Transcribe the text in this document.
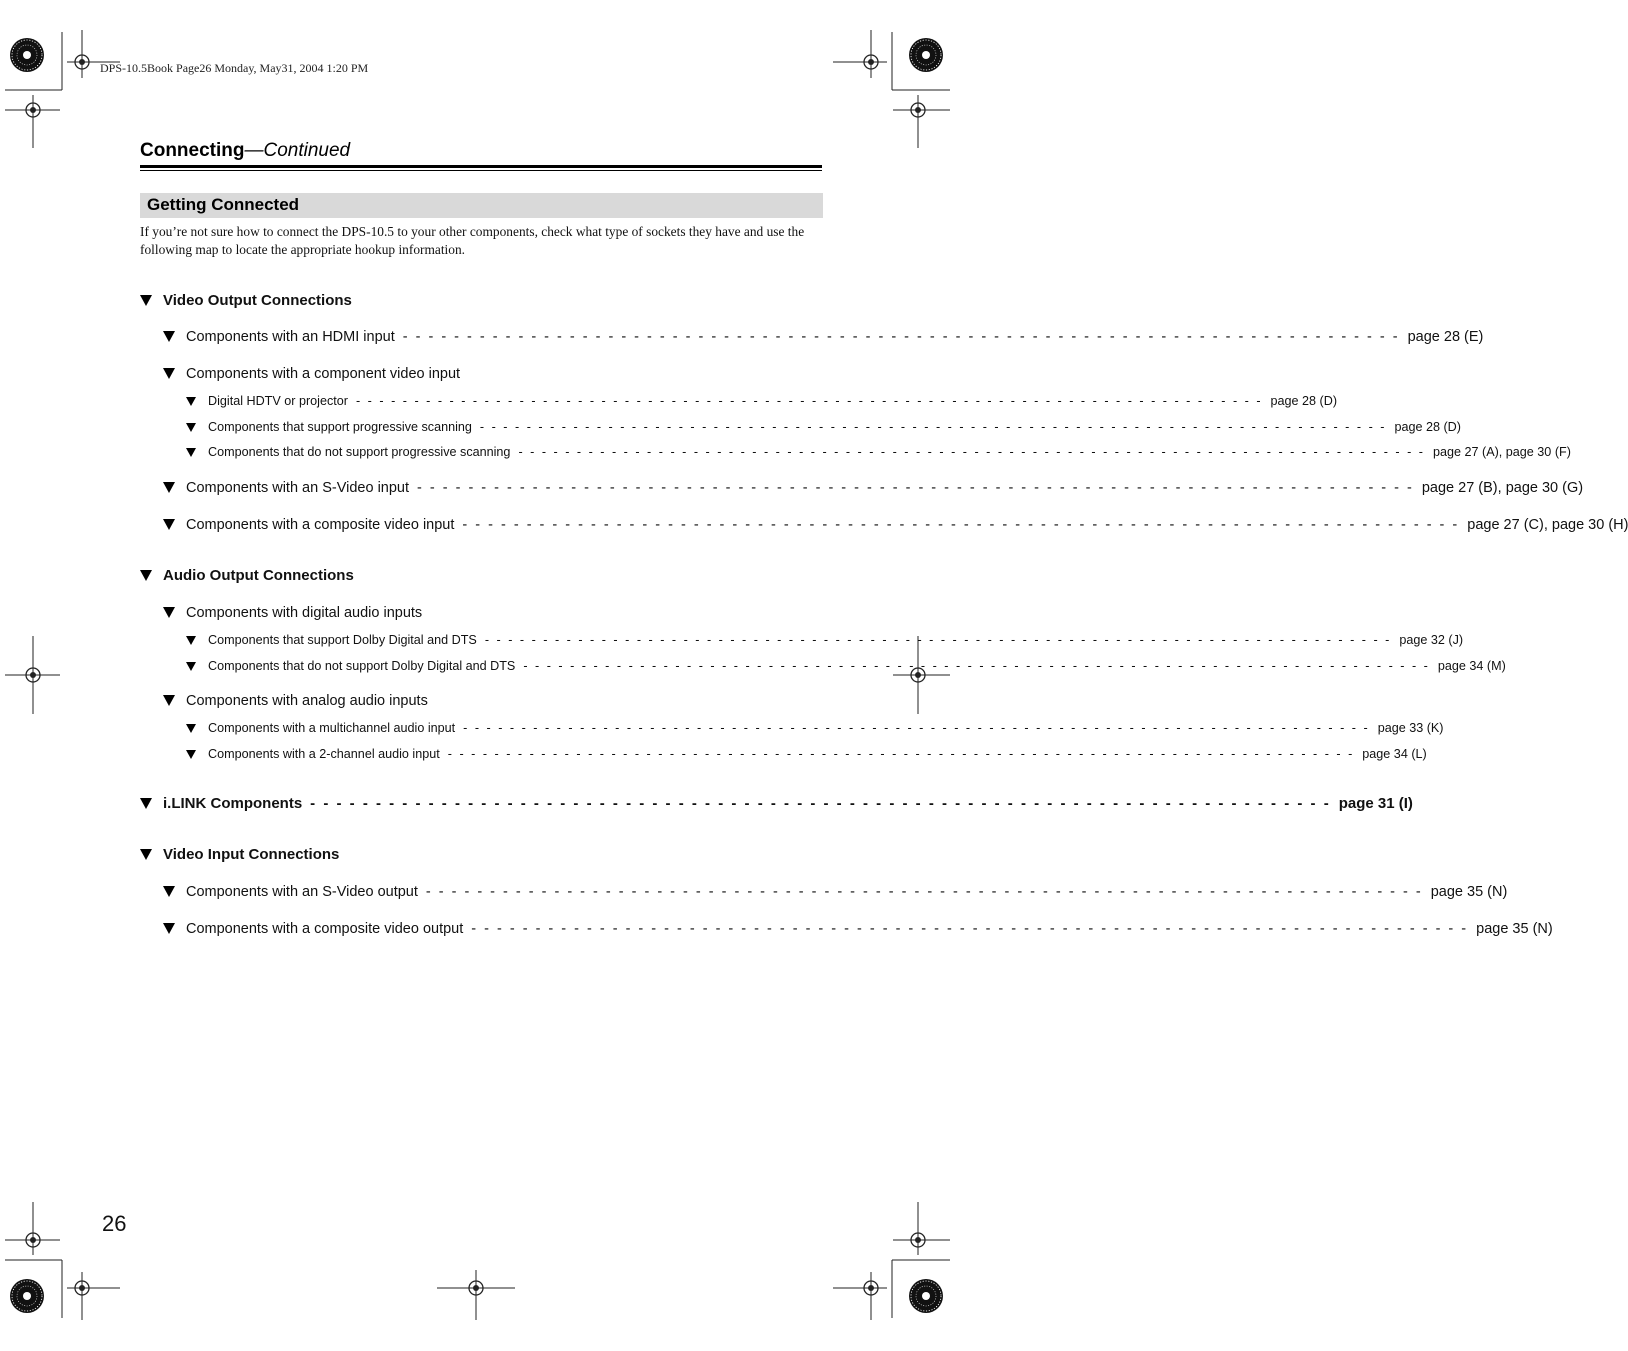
DPS-10.5Book Page26 Monday, May31, 2004 1:20 PM
Connecting—Continued
Getting Connected
If you’re not sure how to connect the DPS-10.5 to your other components, check what type of sockets they have and use the following map to locate the appropriate hookup information.
Video Output Connections
Components with an HDMI input - - - - - - - - - - - - - - - - - - - - - - - - - - - - - - - - - - - - - - - - - - - - - - - - - - - - - - - - - - - - - - - - - - - - - - - - - - - - - - page 28 (E)
Components with a component video input
Digital HDTV or projector - - - - - - - - - - - - - - - - - - - - - - - - - - - - - - - - - - - - - - - - - - - - - - - - - - - - - - - - - - - - - - - - - - - - - - - - - - - - - - page 28 (D)
Components that support progressive scanning - - - - - - - - - - - - - - - - - - - - - - - - - - - - - - - - - - - - - - - - - - - - - - - - - - - - - - - - - - - - - - - - - - - - - - - - - - - - - - page 28 (D)
Components that do not support progressive scanning - - - - - - - - - - - - - - - - - - - - - - - - - - - - - - - - - - - - - - - - - - - - - - - - - - - - - - - - - - - - - - - - - - - - - - - - - - - - - - page 27 (A), page 30 (F)
Components with an S-Video input - - - - - - - - - - - - - - - - - - - - - - - - - - - - - - - - - - - - - - - - - - - - - - - - - - - - - - - - - - - - - - - - - - - - - - - - - - - - - - page 27 (B), page 30 (G)
Components with a composite video input - - - - - - - - - - - - - - - - - - - - - - - - - - - - - - - - - - - - - - - - - - - - - - - - - - - - - - - - - - - - - - - - - - - - - - - - - - - - - - page 27 (C), page 30 (H)
Audio Output Connections
Components with digital audio inputs
Components that support Dolby Digital and DTS - - - - - - - - - - - - - - - - - - - - - - - - - - - - - - - - - - - - - - - - - - - - - - - - - - - - - - - - - - - - - - - - - - - - - - - - - - - - - - page 32 (J)
Components that do not support Dolby Digital and DTS - - - - - - - - - - - - - - - - - - - - - - - - - - - - - - - - - - - - - - - - - - - - - - - - - - - - - - - - - - - - - - - - - - - - - - - - - - - - - - page 34 (M)
Components with analog audio inputs
Components with a multichannel audio input - - - - - - - - - - - - - - - - - - - - - - - - - - - - - - - - - - - - - - - - - - - - - - - - - - - - - - - - - - - - - - - - - - - - - - - - - - - - - - page 33 (K)
Components with a 2-channel audio input - - - - - - - - - - - - - - - - - - - - - - - - - - - - - - - - - - - - - - - - - - - - - - - - - - - - - - - - - - - - - - - - - - - - - - - - - - - - - - page 34 (L)
i.LINK Components - - - - - - - - - - - - - - - - - - - - - - - - - - - - - - - - - - - - - - - - - - - - - - - - - - - - - - - - - - - - - - - - - - - - - - - - - - - - - - page 31 (I)
Video Input Connections
Components with an S-Video output - - - - - - - - - - - - - - - - - - - - - - - - - - - - - - - - - - - - - - - - - - - - - - - - - - - - - - - - - - - - - - - - - - - - - - - - - - - - - - page 35 (N)
Components with a composite video output - - - - - - - - - - - - - - - - - - - - - - - - - - - - - - - - - - - - - - - - - - - - - - - - - - - - - - - - - - - - - - - - - - - - - - - - - - - - - - page 35 (N)
26
